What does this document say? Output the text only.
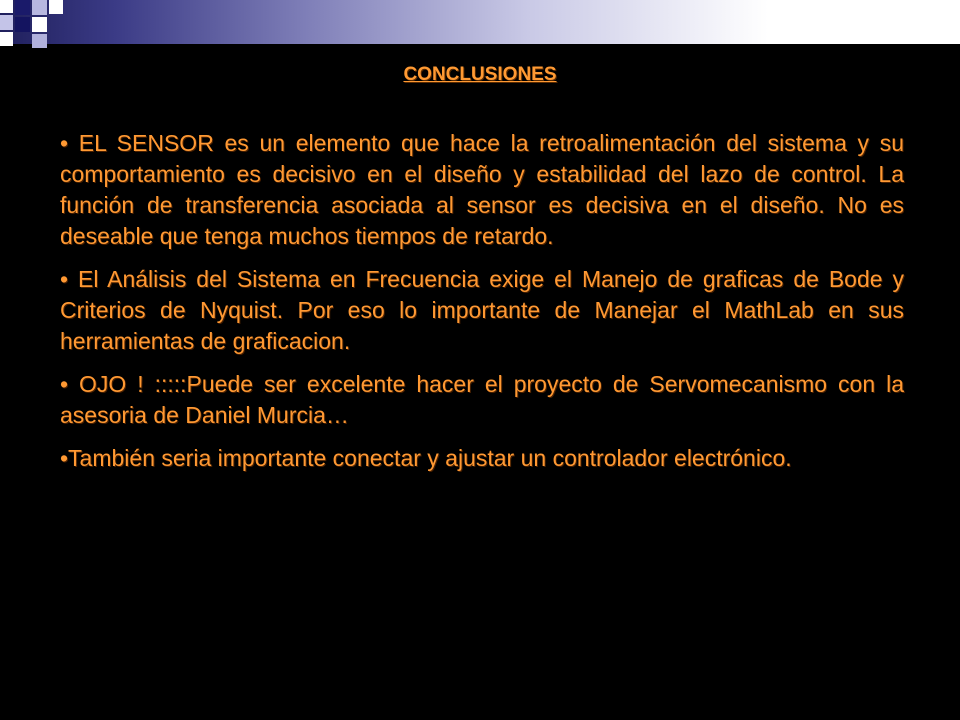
CONCLUSIONES

• EL SENSOR es un elemento que hace la retroalimentación del sistema y su comportamiento es decisivo en el diseño y estabilidad del lazo de control. La función de transferencia asociada al sensor es decisiva en el diseño. No es deseable que tenga muchos tiempos de retardo.

• El Análisis del Sistema en Frecuencia exige el Manejo de graficas de Bode y Criterios de Nyquist. Por eso lo importante de Manejar el MathLab en sus herramientas de graficacion.

• OJO ! :::::Puede ser excelente hacer el proyecto de Servomecanismo con la asesoria de Daniel Murcia…

•También seria importante conectar y ajustar un controlador electrónico.
